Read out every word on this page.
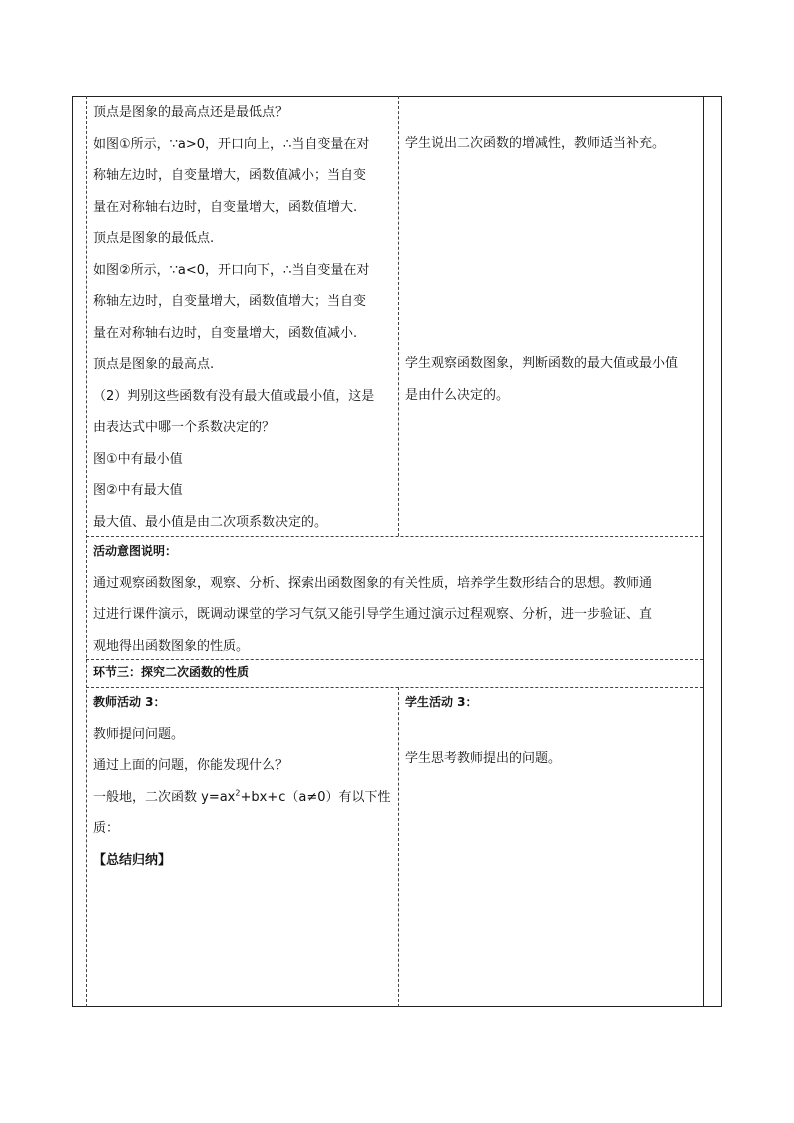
顶点是图象的最高点还是最低点？

如图①所示，∵a>0，开口向上，∴当自变量在对

称轴左边时，自变量增大，函数值减小；当自变

量在对称轴右边时，自变量增大，函数值增大.

顶点是图象的最低点.

如图②所示，∵a<0，开口向下，∴当自变量在对

称轴左边时，自变量增大，函数值增大；当自变

量在对称轴右边时，自变量增大，函数值减小.

顶点是图象的最高点.

（2）判别这些函数有没有最大值或最小值，这是

由表达式中哪一个系数决定的？

图①中有最小值

图②中有最大值

最大值、最小值是由二次项系数决定的。

学生说出二次函数的增减性，教师适当补充。

学生观察函数图象，判断函数的最大值或最小值

是由什么决定的。

活动意图说明：

通过观察函数图象，观察、分析、探索出函数图象的有关性质，培养学生数形结合的思想。教师通

过进行课件演示，既调动课堂的学习气氛又能引导学生通过演示过程观察、分析，进一步验证、直

观地得出函数图象的性质。

环节三：探究二次函数的性质

教师活动 3：

教师提问问题。

通过上面的问题，你能发现什么？

一般地，二次函数 $y=ax^2+bx+c(a\ne 0)$有以下性

质：

【总结归纳】

学生活动 3：

学生思考教师提出的问题。
